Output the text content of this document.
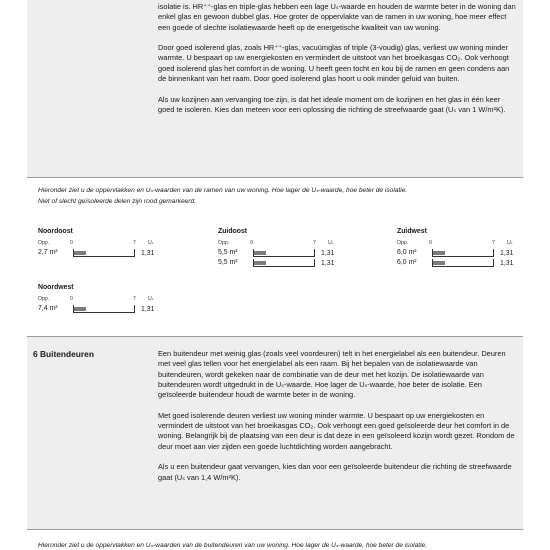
isolatie is. HR⁺⁺-glas en triple-glas hebben een lage Uₛ-waarde en houden de warmte beter in de woning dan enkel glas en gewoon dubbel glas. Hoe groter de oppervlakte van de ramen in uw woning, hoe meer effect een goede of slechte isolatiewaarde heeft op de energetische kwaliteit van uw woning.

Door goed isolerend glas, zoals HR⁺⁺-glas, vacuümglas of triple (3-voudig) glas, verliest uw woning minder warmte. U bespaart op uw energiekosten en vermindert de uitstoot van het broeikasgas CO₂. Ook verhoogt goed isolerend glas het comfort in de woning. U heeft geen tocht en kou bij de ramen en geen condens aan de binnenkant van het raam. Door goed isolerend glas hoort u ook minder geluid van buiten.

Als uw kozijnen aan vervanging toe zijn, is dat het ideale moment om de kozijnen en het glas in één keer goed te isoleren. Kies dan meteen voor een oplossing die richting de streefwaarde gaat (Uₛ van 1 W/m²K).

Hieronder ziet u de oppervlakken en Uₛ-waarden van de ramen van uw woning. Hoe lager de Uₛ-waarde, hoe beter de isolatie.
Niet of slecht geïsoleerde delen zijn rood gemarkeerd.
Noordoost
Opp.	0	7 Uₛ
2,7 m²	1,31
Zuidoost
Opp.	0	7 Uₛ
5,5 m²	1,31
5,5 m²	1,31
Zuidwest
Opp.	0	7 Uₛ
6,0 m²	1,31
6,0 m²	1,31
Noordwest
Opp.	0	7 Uₛ
7,4 m²	1,31
6 Buitendeuren	Een buitendeur met weinig glas (zoals veel voordeuren) telt in het energielabel als een buitendeur. Deuren met veel glas tellen voor het energielabel als een raam. Bij het bepalen van de isolatiewaarde van buitendeuren, wordt gekeken naar de combinatie van de deur met het kozijn. De isolatiewaarde van buitendeuren wordt uitgedrukt in de Uₛ-waarde. Hoe lager de Uₛ-waarde, hoe beter de isolatie. Een geïsoleerde buitendeur houdt de warmte beter in de woning.

Met goed isolerende deuren verliest uw woning minder warmte. U bespaart op uw energiekosten en vermindert de uitstoot van het broeikasgas CO₂. Ook verhoogt een goed geïsoleerde deur het comfort in de woning. Belangrijk bij de plaatsing van een deur is dat deze in een geïsoleerd kozijn wordt gezet. Rondom de deur moet aan vier zijden een goede luchtdichting worden aangebracht.

Als u een buitendeur gaat vervangen, kies dan voor een geïsoleerde buitendeur die richting de streefwaarde gaat (Uₛ van 1,4 W/m²K).

Hieronder ziet u de oppervlakken en Uₛ-waarden van de buitendeuren van uw woning. Hoe lager de Uₛ-waarde, hoe beter de isolatie.
